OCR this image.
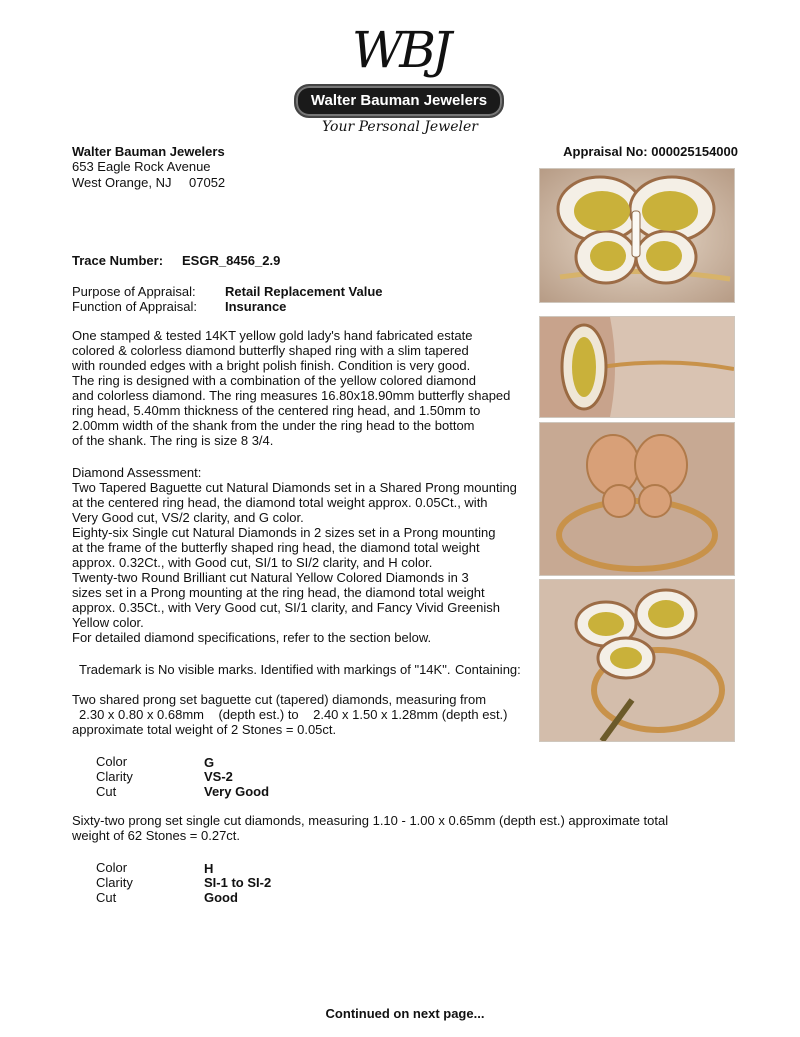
WBJ
Walter Bauman Jewelers
Your Personal Jeweler
Walter Bauman Jewelers
653 Eagle Rock Avenue
West Orange, NJ 07052
Appraisal No: 000025154000
Trace Number: ESGR_8456_2.9
Purpose of Appraisal: Retail Replacement Value
Function of Appraisal: Insurance
One stamped & tested 14KT yellow gold lady's hand fabricated estate
colored & colorless diamond butterfly shaped ring with a slim tapered
with rounded edges with a bright polish finish. Condition is very good.
The ring is designed with a combination of the yellow colored diamond
and colorless diamond. The ring measures 16.80x18.90mm butterfly shaped
ring head, 5.40mm thickness of the centered ring head, and 1.50mm to
2.00mm width of the shank from the under the ring head to the bottom
of the shank. The ring is size 8 3/4.
Diamond Assessment:
Two Tapered Baguette cut Natural Diamonds set in a Shared Prong mounting
at the centered ring head, the diamond total weight approx. 0.05Ct., with
Very Good cut, VS/2 clarity, and G color.
Eighty-six Single cut Natural Diamonds in 2 sizes set in a Prong mounting
at the frame of the butterfly shaped ring head, the diamond total weight
approx. 0.32Ct., with Good cut, SI/1 to SI/2 clarity, and H color.
Twenty-two Round Brilliant cut Natural Yellow Colored Diamonds in 3
sizes set in a Prong mounting at the ring head, the diamond total weight
approx. 0.35Ct., with Very Good cut, SI/1 clarity, and Fancy Vivid Greenish
Yellow color.
For detailed diamond specifications, refer to the section below.
Trademark is No visible marks. Identified with markings of "14K". Containing:
Two shared prong set baguette cut (tapered) diamonds, measuring from
2.30 x 0.80 x 0.68mm    (depth est.) to    2.40 x 1.50 x 1.28mm (depth est.)
approximate total weight of 2 Stones = 0.05ct.
Color	G
Clarity	VS-2
Cut	Very Good
Sixty-two prong set single cut diamonds, measuring 1.10 - 1.00 x 0.65mm (depth est.) approximate total
weight of 62 Stones = 0.27ct.
Color	H
Clarity	SI-1 to SI-2
Cut	Good
Continued on next page...
